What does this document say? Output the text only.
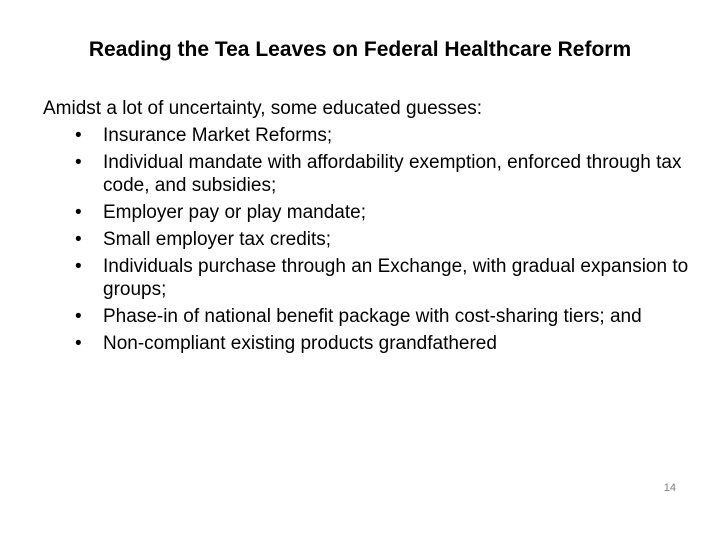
Reading the Tea Leaves on Federal Healthcare Reform

Amidst a lot of uncertainty, some educated guesses:

•	Insurance Market Reforms;
•	Individual mandate with affordability exemption, enforced through tax code, and subsidies;
•	Employer pay or play mandate;
•	Small employer tax credits;
•	Individuals purchase through an Exchange, with gradual expansion to groups;
•	Phase-in of national benefit package with cost-sharing tiers; and
•	Non-compliant existing products grandfathered
14
